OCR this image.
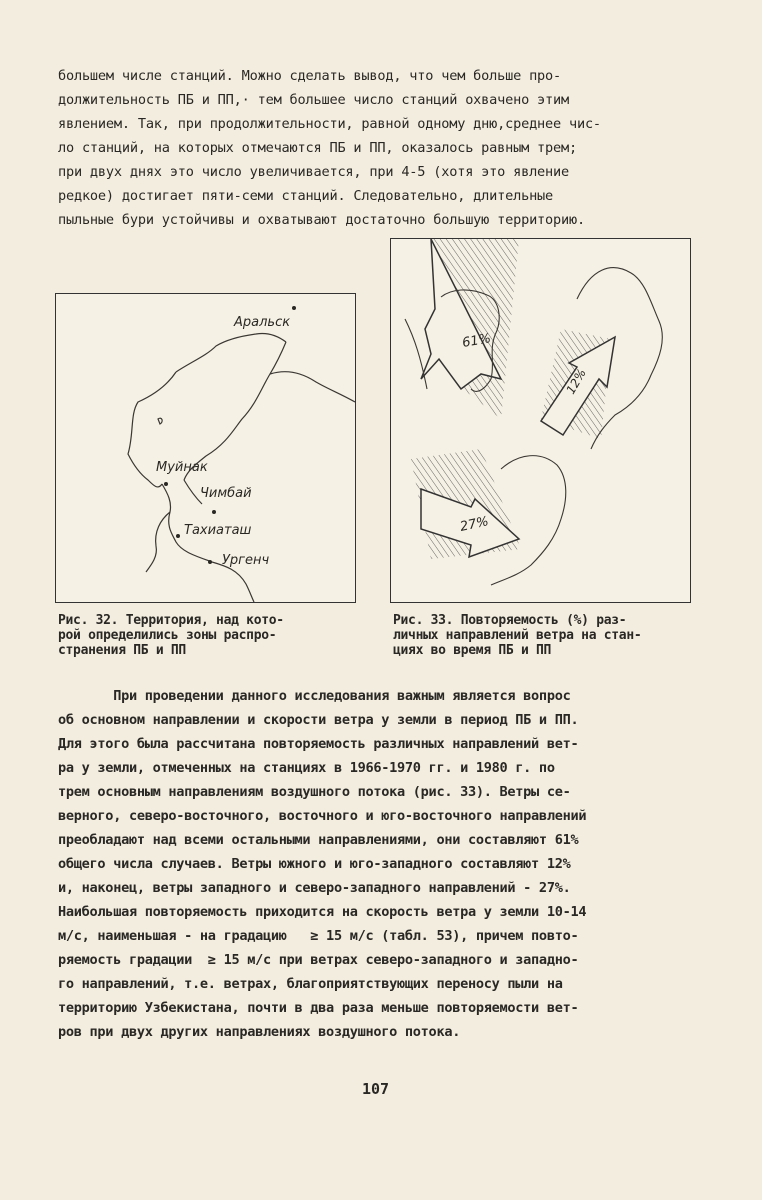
большем числе станций. Можно сделать вывод, что чем больше про-
должительность ПБ и ПП,· тем большее число станций охвачено этим
явлением. Так, при продолжительности, равной одному дню,среднее чис-
ло станций, на которых отмечаются ПБ и ПП, оказалось равным трем;
при двух днях это число увеличивается, при 4-5 (хотя это явление
редкое) достигает пяти-семи станций. Следовательно, длительные
пыльные бури устойчивы и охватывают достаточно большую территорию.
Аральск
Муйнак
Чимбай
Тахиаташ
Ургенч
61%
12%
27%
Рис. 32. Территория, над кото-
рой определились зоны распро-
странения ПБ и ПП
Рис. 33. Повторяемость (%) раз-
личных направлений ветра на стан-
циях во время ПБ и ПП
При проведении данного исследования важным является вопрос
об основном направлении и скорости ветра у земли в период ПБ и ПП.
Для этого была рассчитана повторяемость различных направлений вет-
ра у земли, отмеченных на станциях в 1966-1970 гг. и 1980 г. по
трем основным направлениям воздушного потока (рис. 33). Ветры се-
верного, северо-восточного, восточного и юго-восточного направлений
преобладают над всеми остальными направлениями, они составляют 61%
общего числа случаев. Ветры южного и юго-западного составляют 12%
и, наконец, ветры западного и северо-западного направлений - 27%.
Наибольшая повторяемость приходится на скорость ветра у земли 10-14
м/с, наименьшая - на градацию   ≥ 15 м/с (табл. 53), причем повто-
ряемость градации  ≥ 15 м/с при ветрах северо-западного и западно-
го направлений, т.е. ветрах, благоприятствующих переносу пыли на
территорию Узбекистана, почти в два раза меньше повторяемости вет-
ров при двух других направлениях воздушного потока.
107
